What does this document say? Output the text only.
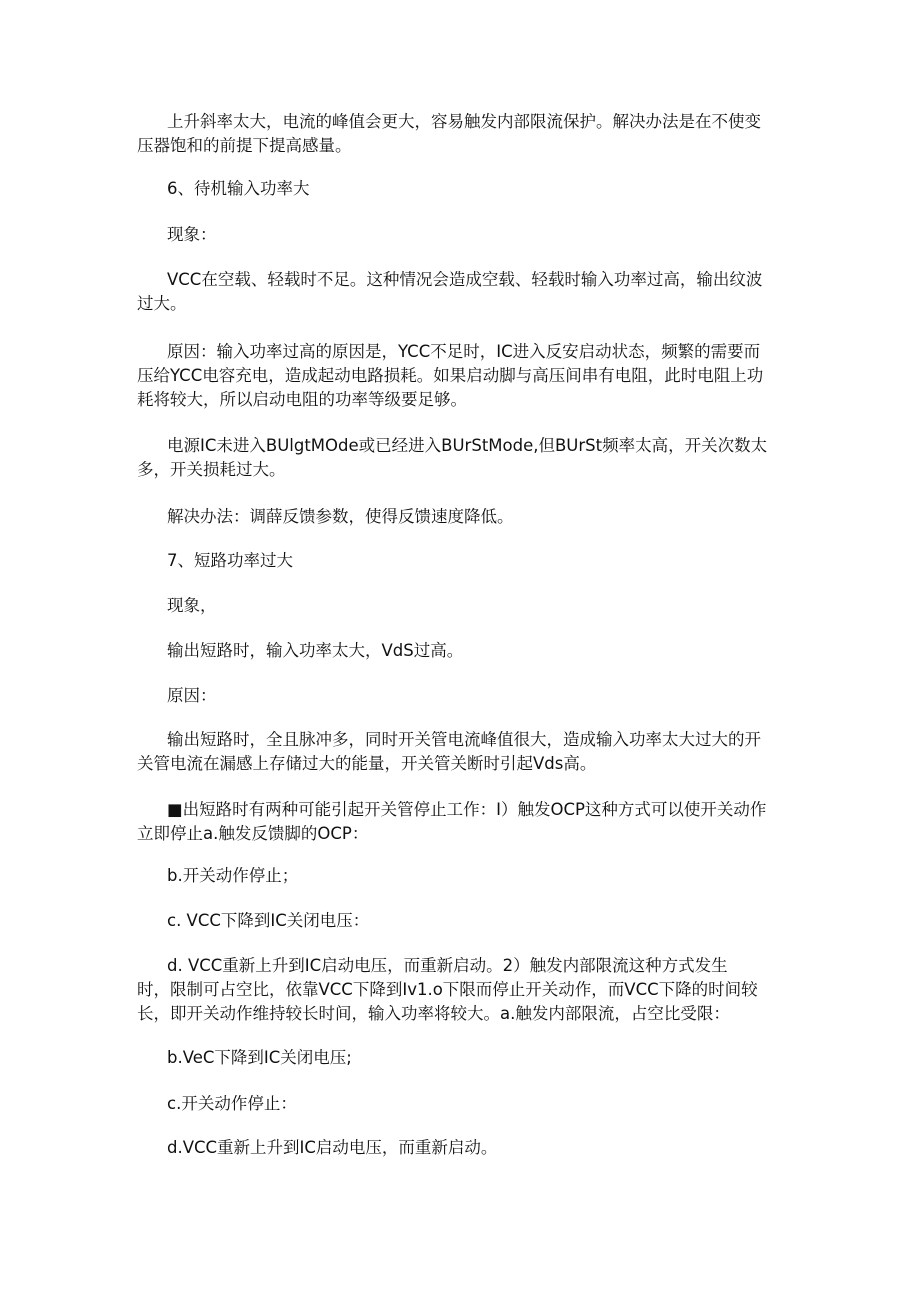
上升斜率太大，电流的峰值会更大，容易触发内部限流保护。解决办法是在不使变
压器饱和的前提下提高感量。
6、待机输入功率大
现象：
VCC在空载、轻载时不足。这种情况会造成空载、轻载时输入功率过高，输出纹波
过大。
原因：输入功率过高的原因是，YCC不足时，IC进入反安启动状态，频繁的需要而
压给YCC电容充电，造成起动电路损耗。如果启动脚与高压间串有电阻，此时电阻上功
耗将较大，所以启动电阻的功率等级要足够。
电源IC未进入BUlgtMOde或已经进入BUrStMode,但BUrSt频率太高，开关次数太
多，开关损耗过大。
解决办法：调薛反馈参数，使得反馈速度降低。
7、短路功率过大
现象，
输出短路时，输入功率太大，VdS过高。
原因：
输出短路时，全且脉冲多，同时开关管电流峰值很大，造成输入功率太大过大的开
关管电流在漏感上存储过大的能量，开关管关断时引起Vds高。
■出短路时有两种可能引起开关管停止工作：I）触发OCP这种方式可以使开关动作
立即停止a.触发反馈脚的OCP：
b.开关动作停止；
c. VCC下降到IC关闭电压：
d. VCC重新上升到IC启动电压，而重新启动。2）触发内部限流这种方式发生
时，限制可占空比，依靠VCC下降到Iv1.o下限而停止开关动作，而VCC下降的时间较
长，即开关动作维持较长时间，输入功率将较大。a.触发内部限流，占空比受限：
b.VeC下降到IC关闭电压;
c.开关动作停止：
d.VCC重新上升到IC启动电压，而重新启动。
